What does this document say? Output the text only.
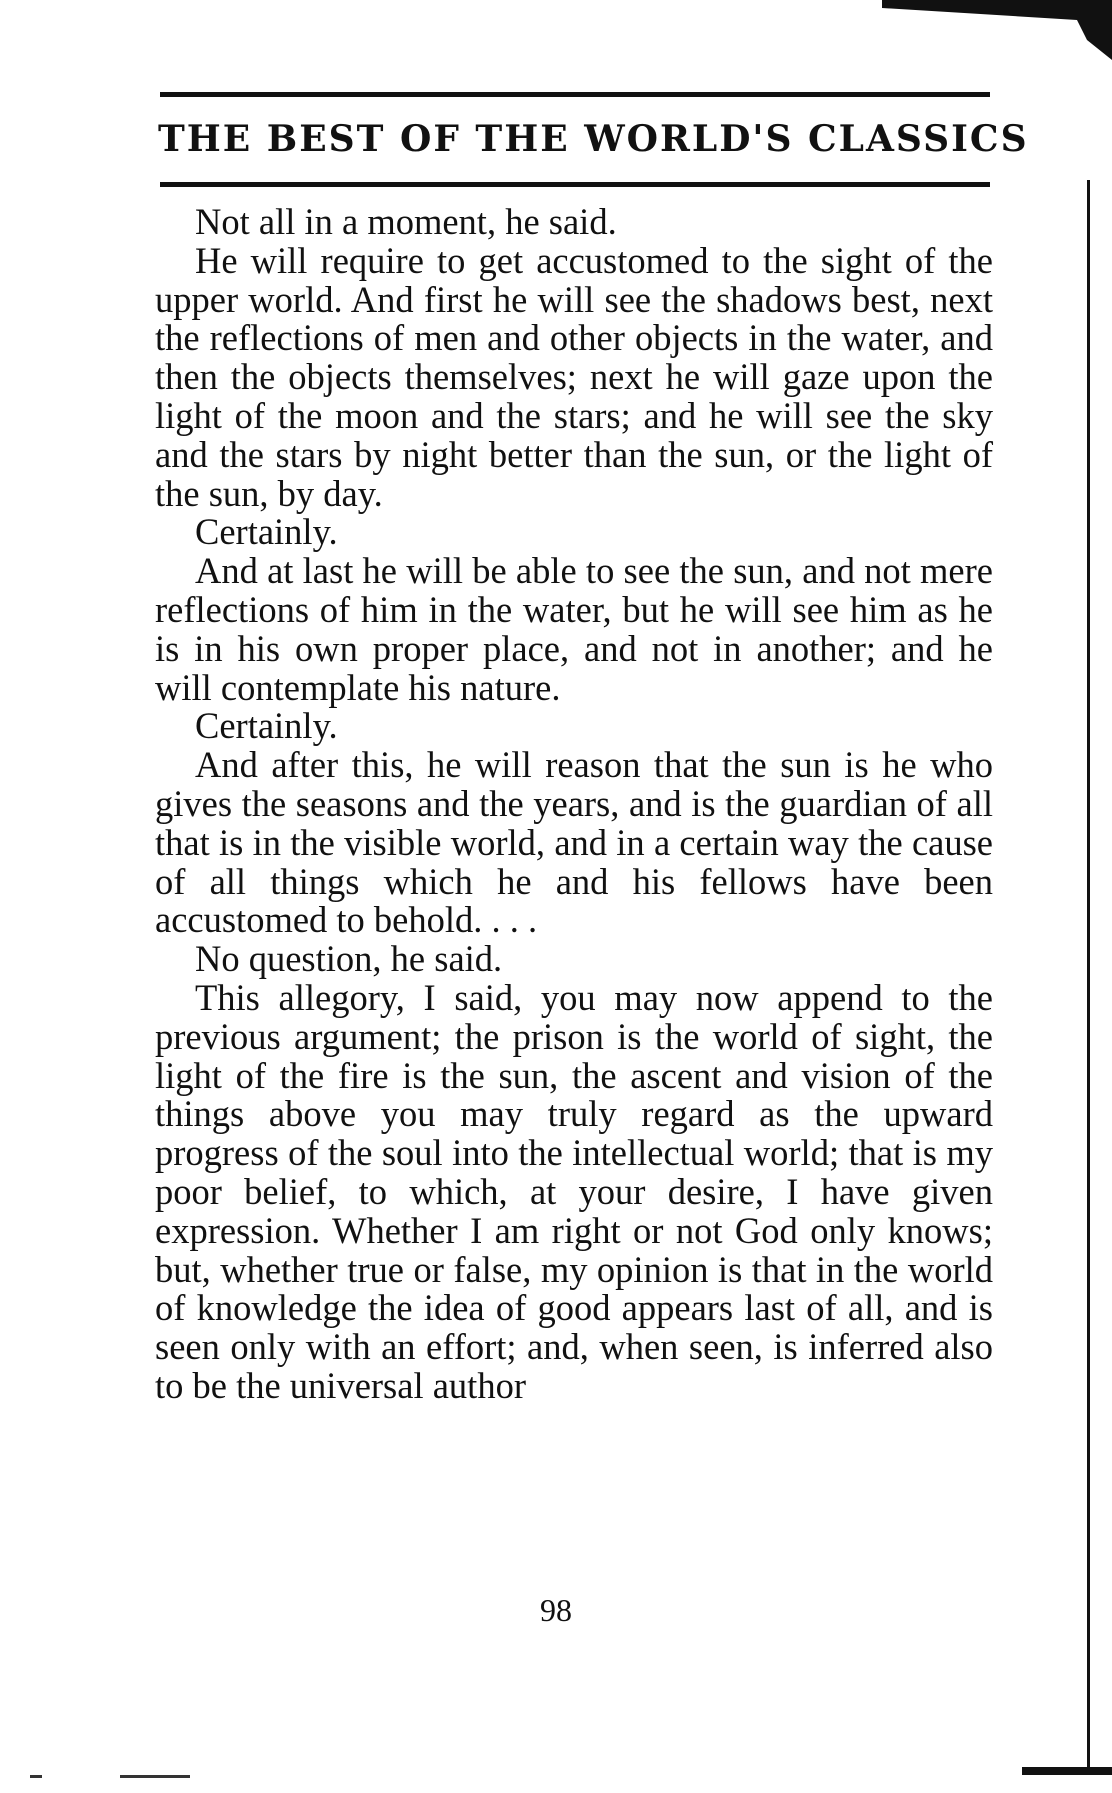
THE BEST OF THE WORLD'S CLASSICS

Not all in a moment, he said.

He will require to get accustomed to the sight of the upper world. And first he will see the shadows best, next the reflections of men and other objects in the water, and then the objects themselves; next he will gaze upon the light of the moon and the stars; and he will see the sky and the stars by night better than the sun, or the light of the sun, by day.

Certainly.

And at last he will be able to see the sun, and not mere reflections of him in the water, but he will see him as he is in his own proper place, and not in another; and he will contemplate his nature.

Certainly.

And after this, he will reason that the sun is he who gives the seasons and the years, and is the guardian of all that is in the visible world, and in a certain way the cause of all things which he and his fellows have been accustomed to behold. . . .

No question, he said.

This allegory, I said, you may now append to the previous argument; the prison is the world of sight, the light of the fire is the sun, the ascent and vision of the things above you may truly regard as the upward progress of the soul into the intellectual world; that is my poor belief, to which, at your desire, I have given expression. Whether I am right or not God only knows; but, whether true or false, my opinion is that in the world of knowledge the idea of good appears last of all, and is seen only with an effort; and, when seen, is inferred also to be the universal author

98
